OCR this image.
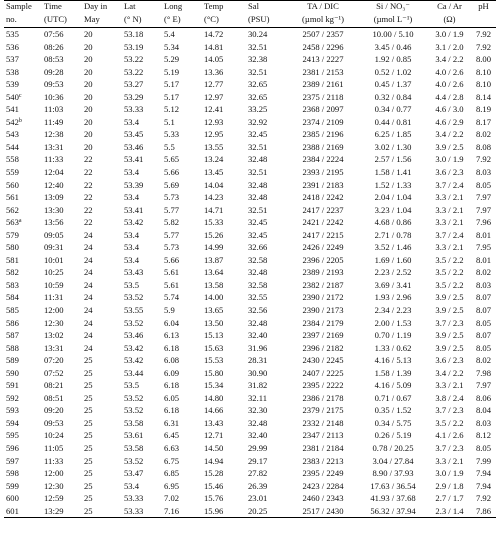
Sample	Time	Day in	Lat	Long	Temp	Sal	TA / DIC	Si / NO₃⁻	Ca / Ar	pH
no.	(UTC)	May	(° N)	(° E)	(°C)	(PSU)	(µmol kg⁻¹)	(µmol L⁻¹)	(Ω)	
535	07:56	20	53.18	5.4	14.72	30.24	2507 / 2357	10.00 / 5.10	3.0 / 1.9	7.92
536	08:26	20	53.19	5.34	14.81	32.51	2458 / 2296	3.45 / 0.46	3.1 / 2.0	7.92
537	08:53	20	53.22	5.29	14.05	32.38	2413 / 2227	1.92 / 0.85	3.4 / 2.2	8.00
538	09:28	20	53.22	5.19	13.36	32.51	2381 / 2153	0.52 / 1.02	4.0 / 2.6	8.10
539	09:53	20	53.27	5.17	12.77	32.65	2389 / 2161	0.45 / 1.37	4.0 / 2.6	8.10
540$^c$	10:36	20	53.29	5.17	12.97	32.65	2375 / 2118	0.32 / 0.84	4.4 / 2.8	8.14
541	11:03	20	53.33	5.12	12.41	33.25	2368 / 2097	0.34 / 0.77	4.6 / 3.0	8.19
542$^b$	11:49	20	53.4	5.1	12.93	32.92	2374 / 2109	0.44 / 0.81	4.6 / 2.9	8.17
543	12:38	20	53.45	5.33	12.95	32.45	2385 / 2196	6.25 / 1.85	3.4 / 2.2	8.02
544	13:31	20	53.46	5.5	13.55	32.51	2388 / 2169	3.02 / 1.30	3.9 / 2.5	8.08
558	11:33	22	53.41	5.65	13.24	32.48	2384 / 2224	2.57 / 1.56	3.0 / 1.9	7.92
559	12:04	22	53.4	5.66	13.45	32.51	2393 / 2195	1.58 / 1.41	3.6 / 2.3	8.03
560	12:40	22	53.39	5.69	14.04	32.48	2391 / 2183	1.52 / 1.33	3.7 / 2.4	8.05
561	13:09	22	53.4	5.73	14.23	32.48	2418 / 2242	2.04 / 1.04	3.3 / 2.1	7.97
562	13:30	22	53.41	5.77	14.71	32.51	2417 / 2237	3.23 / 1.04	3.3 / 2.1	7.97
563$^a$	13:56	22	53.42	5.82	15.33	32.45	2421 / 2242	4.68 / 0.86	3.3 / 2.1	7.96
579	09:05	24	53.4	5.77	15.26	32.45	2417 / 2215	2.71 / 0.78	3.7 / 2.4	8.01
580	09:31	24	53.4	5.73	14.99	32.66	2426 / 2249	3.52 / 1.46	3.3 / 2.1	7.95
581	10:01	24	53.4	5.66	13.87	32.58	2396 / 2205	1.69 / 1.60	3.5 / 2.2	8.01
582	10:25	24	53.43	5.61	13.64	32.48	2389 / 2193	2.23 / 2.52	3.5 / 2.2	8.02
583	10:59	24	53.5	5.61	13.58	32.58	2382 / 2187	3.69 / 3.41	3.5 / 2.2	8.03
584	11:31	24	53.52	5.74	14.00	32.55	2390 / 2172	1.93 / 2.96	3.9 / 2.5	8.07
585	12:00	24	53.55	5.9	13.65	32.56	2390 / 2173	2.34 / 2.23	3.9 / 2.5	8.07
586	12:30	24	53.52	6.04	13.50	32.48	2384 / 2179	2.00 / 1.53	3.7 / 2.3	8.05
587	13:02	24	53.46	6.13	15.13	32.40	2397 / 2169	0.70 / 1.19	3.9 / 2.5	8.07
588	13:31	24	53.42	6.18	15.63	31.96	2396 / 2182	1.33 / 0.62	3.9 / 2.5	8.05
589	07:20	25	53.42	6.08	15.53	28.31	2430 / 2245	4.16 / 5.13	3.6 / 2.3	8.02
590	07:52	25	53.44	6.09	15.80	30.90	2407 / 2225	1.58 / 1.39	3.4 / 2.2	7.98
591	08:21	25	53.5	6.18	15.34	31.82	2395 / 2222	4.16 / 5.09	3.3 / 2.1	7.97
592	08:51	25	53.52	6.05	14.80	32.11	2386 / 2178	0.71 / 0.67	3.8 / 2.4	8.06
593	09:20	25	53.52	6.18	14.66	32.30	2379 / 2175	0.35 / 1.52	3.7 / 2.3	8.04
594	09:53	25	53.58	6.31	13.43	32.48	2332 / 2148	0.34 / 5.75	3.5 / 2.2	8.03
595	10:24	25	53.61	6.45	12.71	32.40	2347 / 2113	0.26 / 5.19	4.1 / 2.6	8.12
596	11:05	25	53.58	6.63	14.50	29.99	2381 / 2184	0.78 / 20.25	3.7 / 2.3	8.05
597	11:33	25	53.52	6.75	14.94	29.17	2383 / 2213	3.04 / 27.84	3.3 / 2.1	7.99
598	12:00	25	53.47	6.85	15.28	27.82	2395 / 2249	8.90 / 37.93	3.0 / 1.9	7.94
599	12:30	25	53.4	6.95	15.46	26.39	2423 / 2284	17.63 / 36.54	2.9 / 1.8	7.94
600	12:59	25	53.33	7.02	15.76	23.01	2460 / 2343	41.93 / 37.68	2.7 / 1.7	7.92
601	13:29	25	53.33	7.16	15.96	20.25	2517 / 2430	56.32 / 37.94	2.3 / 1.4	7.86
